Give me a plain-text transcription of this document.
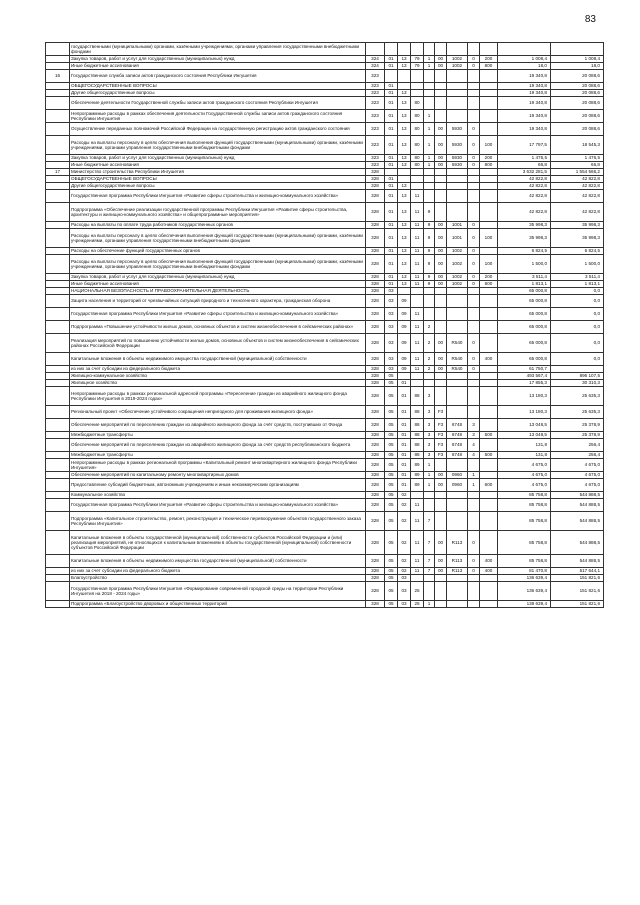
83
	государственными (муниципальными) органами, казёнными учреждениями, органами управления государственными внебюджетными фондами											
	Закупка товаров, работ и услуг для государственных (муниципальных) нужд	324	01	13	79	1	00	1002	0	200	1 008,4	1 008,4
	Иные бюджетные ассигнования	324	01	13	79	1	00	1002	0	800	18,0	18,0
16	Государственная служба записи актов гражданского состояния Республики Ингушетия	323									19 340,8	20 088,6
	ОБЩЕГОСУДАРСТВЕННЫЕ ВОПРОСЫ	323	01								19 340,8	20 088,6
	Другие общегосударственные вопросы	323	01	13							19 340,8	20 088,6
	Обеспечение деятельности Государственной службы записи актов гражданского состояния Республики Ингушетия	323	01	13	80						19 340,8	20 088,6
	Непрограммные расходы в рамках обеспечения деятельности Государственной службы записи актов гражданского состояния Республики Ингушетия	323	01	13	80	1					19 340,8	20 088,6
	Осуществление переданных полномочий Российской Федерации на государственную регистрацию актов гражданского состояния	323	01	13	80	1	00	5930	0		19 340,8	20 088,6
	Расходы на выплаты персоналу в целях обеспечения выполнения функций государственными (муниципальными) органами, казёнными учреждениями, органами управления государственными внебюджетными фондами	323	01	13	80	1	00	5930	0	100	17 797,5	18 545,3
	Закупка товаров, работ и услуг для государственных (муниципальных) нужд	323	01	13	80	1	00	5930	0	200	1 476,5	1 476,5
	Иные бюджетные ассигнования	323	01	13	80	1	00	5930	0	800	66,8	66,8
17	Министерство строительства Республики Ингушетия	328									3 632 281,5	1 554 566,2
	ОБЩЕГОСУДАРСТВЕННЫЕ ВОПРОСЫ	328	01								42 822,8	42 822,8
	Другие общегосударственные вопросы	328	01	13							42 822,8	42 822,8
	Государственная программа Республики Ингушетия «Развитие сферы строительства и жилищно-коммунального хозяйства»	328	01	13	11						42 822,8	42 822,8
	Подпрограмма «Обеспечение реализации государственной программы Республики Ингушетия «Развитие сферы строительства, архитектуры и жилищно-коммунального хозяйства» и общепрограммные мероприятия»	328	01	13	11	9					42 822,8	42 822,8
	Расходы на выплаты по оплате труда работников государственных органов	328	01	13	11	9	00	1001	0		35 998,3	35 998,3
	Расходы на выплаты персоналу в целях обеспечения выполнения функций государственными (муниципальными) органами, казёнными учреждениями, органами управления государственными внебюджетными фондами	328	01	13	11	9	00	1001	0	100	35 998,3	35 998,3
	Расходы на обеспечение функций государственных органов	328	01	13	11	9	00	1002	0		6 824,5	6 824,5
	Расходы на выплаты персоналу в целях обеспечения выполнения функций государственными (муниципальными) органами, казёнными учреждениями, органами управления государственными внебюджетными фондами	328	01	13	11	9	00	1002	0	100	1 500,0	1 500,0
	Закупка товаров, работ и услуг для государственных (муниципальных) нужд	328	01	13	11	9	00	1002	0	200	3 511,4	3 511,4
	Иные бюджетные ассигнования	328	01	13	11	9	00	1002	0	800	1 813,1	1 813,1
	НАЦИОНАЛЬНАЯ БЕЗОПАСНОСТЬ И ПРАВООХРАНИТЕЛЬНАЯ ДЕЯТЕЛЬНОСТЬ	328	03								65 000,8	0,0
	Защита населения и территорий от чрезвычайных ситуаций природного и техногенного характера, гражданская оборона	328	03	09							65 000,8	0,0
	Государственная программа Республики Ингушетия «Развитие сферы строительства и жилищно-коммунального хозяйства»	328	03	09	11						65 000,8	0,0
	Подпрограмма «Повышение устойчивости жилых домов, основных объектов и систем жизнеобеспечения в сейсмических районах»	328	03	09	11	2					65 000,8	0,0
	Реализация мероприятий по повышению устойчивости жилых домов, основных объектов и систем жизнеобеспечения в сейсмических районах Российской Федерации	328	03	09	11	2	00	R540	0		65 000,8	0,0
	Капитальные вложения в объекты недвижимого имущества государственной (муниципальной) собственности	328	03	09	11	2	00	R540	0	400	65 000,8	0,0
	из них за счет субсидии из федерального бюджета	328	03	09	11	2	00	R540	0		61 750,7	
	Жилищно-коммунальное хозяйство	328	05								493 567,4	896 107,5
	Жилищное хозяйство	328	05	01							17 855,3	30 310,3
	Непрограммные расходы в рамках региональной адресной программы «Переселение граждан из аварийного жилищного фонда Республики Ингушетия в 2019-2024 годах»	328	05	01	88	3					13 180,3	25 635,3
	Региональный проект «Обеспечение устойчивого сокращения непригодного для проживания жилищного фонда»	328	05	01	88	3	F3				13 180,3	25 635,3
	Обеспечение мероприятий по переселению граждан из аварийного жилищного фонда за счёт средств, поступивших от Фонда	328	05	01	88	3	F3	6748	3		13 048,5	25 378,9
	Межбюджетные трансферты	328	05	01	88	3	F3	6748	3	500	13 048,5	25 378,9
	Обеспечение мероприятий по переселению граждан из аварийного жилищного фонда за счёт средств республиканского бюджета	328	05	01	88	3	F3	6748	4		131,8	256,4
	Межбюджетные трансферты	328	05	01	88	3	F3	6748	4	500	131,8	256,4
	Непрограммные расходы в рамках региональной программы «Капитальный ремонт многоквартирного жилищного фонда Республики Ингушетия»	328	05	01	89	1					4 675,0	4 675,0
	Обеспечение мероприятий по капитальному ремонту многоквартирных домов	328	05	01	89	1	00	0960	1		4 675,0	4 675,0
	Предоставление субсидий бюджетным, автономным учреждениям и иным некоммерческим организациям	328	05	01	89	1	00	0960	1	600	4 675,0	4 675,0
	Коммунальное хозяйство	328	05	02							85 758,8	544 888,5
	Государственная программа Республики Ингушетия «Развитие сферы строительства и жилищно-коммунального хозяйства»	328	05	02	11						85 758,8	544 888,5
	Подпрограмма «Капитальное строительство, ремонт, реконструкция и техническое перевооружение объектов государственного заказа Республики Ингушетия»	328	05	02	11	7					85 758,8	544 888,5
	Капитальные вложения в объекты государственной (муниципальной) собственности субъектов Российской Федерации и (или) реализация мероприятий, не относящихся к капитальным вложениям в объекты государственной (муниципальной) собственности субъектов Российской Федерации	328	05	02	11	7	00	R113	0		85 758,8	544 888,5
	Капитальные вложения в объекты недвижимого имущества государственной (муниципальной) собственности	328	05	02	11	7	00	R113	0	400	85 758,8	544 888,5
	из них за счет субсидии из федерального бюджета	328	05	02	11	7	00	R113	0	400	81 470,8	517 644,1
	Благоустройство	328	05	03							136 639,4	151 821,6
	Государственная программа Республики Ингушетия «Формирование современной городской среды на территории Республики Ингушетия на 2018 - 2024 годы»	328	05	03	25						136 639,4	151 821,6
	Подпрограмма «Благоустройство дворовых и общественных территорий	328	05	03	25	1					138 639,4	151 821,6
